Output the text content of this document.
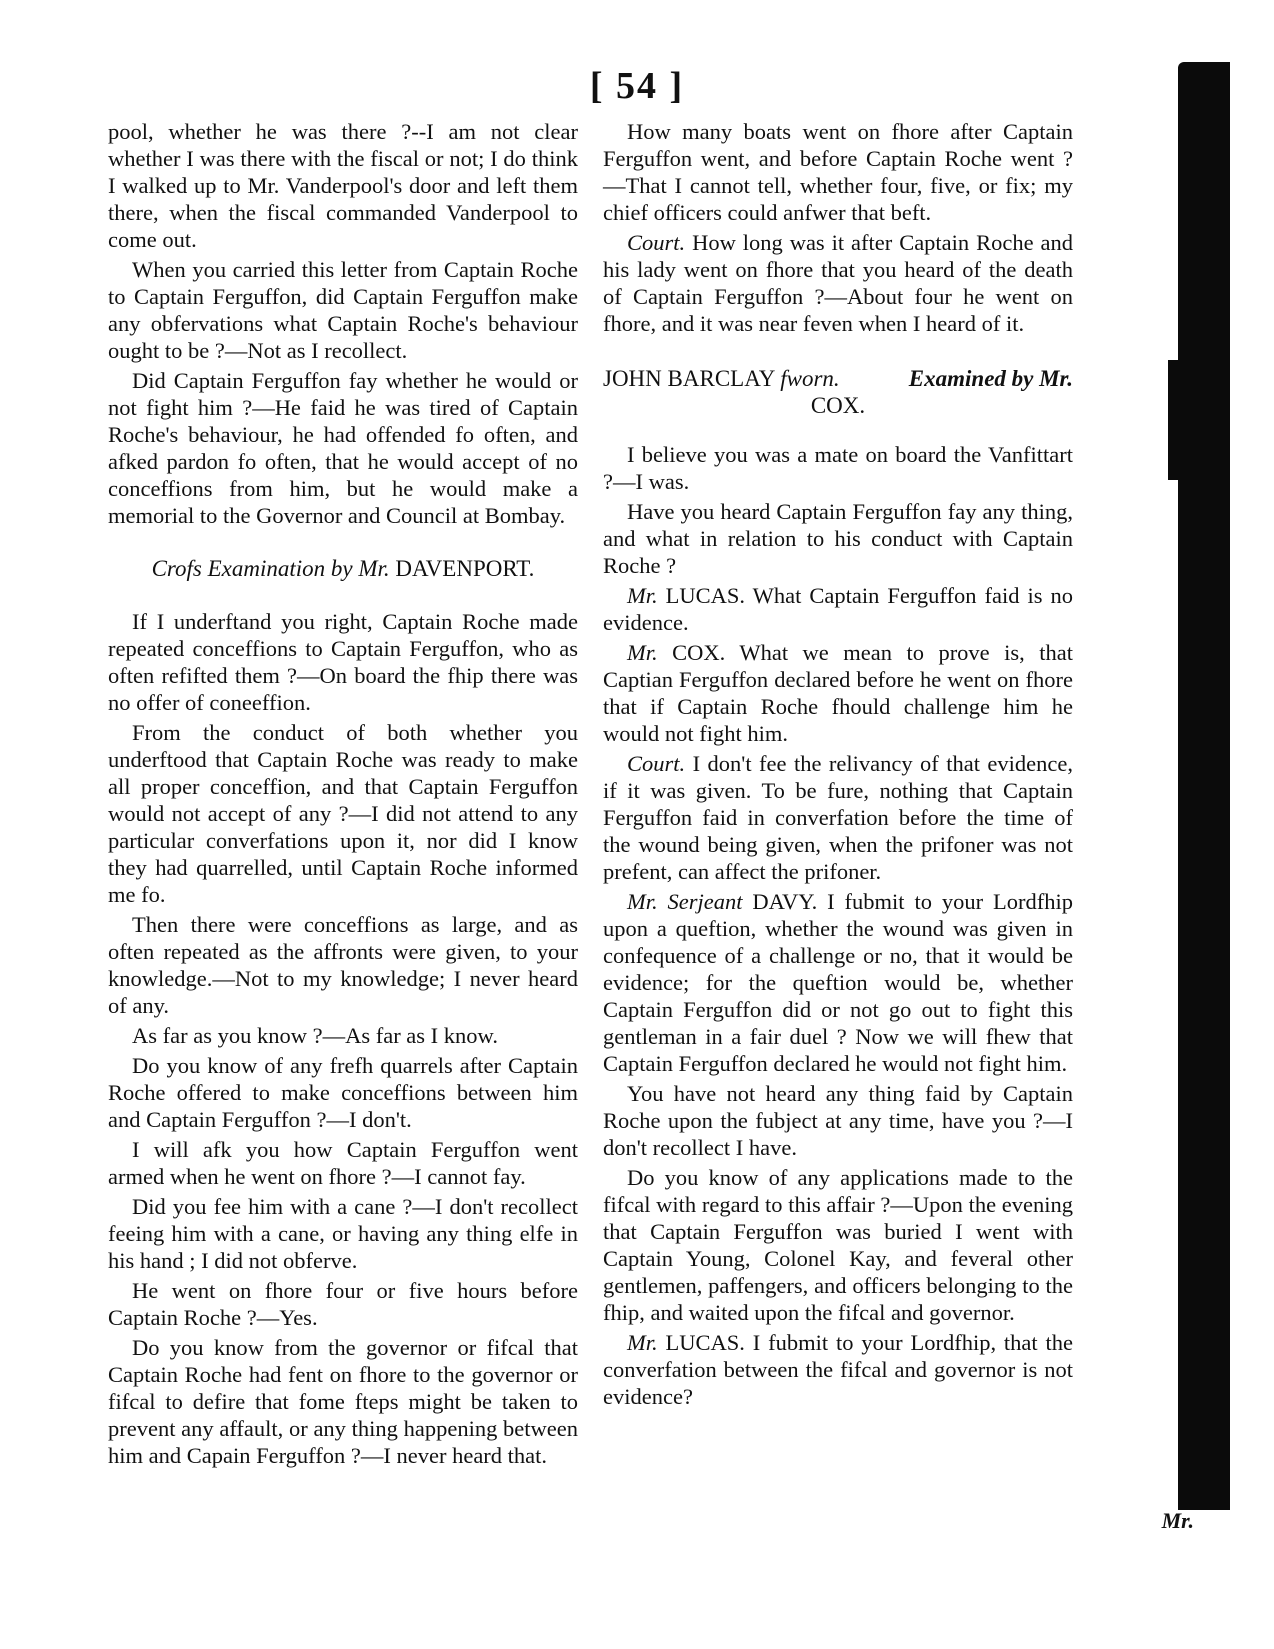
[ 54 ]

pool, whether he was there ?--I am not clear whether I was there with the fiscal or not; I do think I walked up to Mr. Vanderpool's door and left them there, when the fiscal commanded Vanderpool to come out.

When you carried this letter from Captain Roche to Captain Ferguffon, did Captain Ferguffon make any obfervations what Captain Roche's behaviour ought to be ?—Not as I recollect.

Did Captain Ferguffon fay whether he would or not fight him ?—He faid he was tired of Captain Roche's behaviour, he had offended fo often, and afked pardon fo often, that he would accept of no conceffions from him, but he would make a memorial to the Governor and Council at Bombay.

Crofs Examination by Mr. DAVENPORT.

If I underftand you right, Captain Roche made repeated conceffions to Captain Ferguffon, who as often refifted them ?—On board the fhip there was no offer of coneeffion.

From the conduct of both whether you underftood that Captain Roche was ready to make all proper conceffion, and that Captain Ferguffon would not accept of any ?—I did not attend to any particular converfations upon it, nor did I know they had quarrelled, until Captain Roche informed me fo.

Then there were conceffions as large, and as often repeated as the affronts were given, to your knowledge.—Not to my knowledge; I never heard of any.

As far as you know ?—As far as I know.

Do you know of any frefh quarrels after Captain Roche offered to make conceffions between him and Captain Ferguffon ?—I don't.

I will afk you how Captain Ferguffon went armed when he went on fhore ?—I cannot fay.

Did you fee him with a cane ?—I don't recollect feeing him with a cane, or having any thing elfe in his hand ; I did not obferve.

He went on fhore four or five hours before Captain Roche ?—Yes.

Do you know from the governor or fifcal that Captain Roche had fent on fhore to the governor or fifcal to defire that fome fteps might be taken to prevent any affault, or any thing happening between him and Capain Ferguffon ?—I never heard that.

How many boats went on fhore after Captain Ferguffon went, and before Captain Roche went ?—That I cannot tell, whether four, five, or fix; my chief officers could anfwer that beft.

Court. How long was it after Captain Roche and his lady went on fhore that you heard of the death of Captain Ferguffon ?—About four he went on fhore, and it was near feven when I heard of it.

JOHN BARCLAY fworn.	Examined by Mr.
COX.

I believe you was a mate on board the Vanfittart ?—I was.

Have you heard Captain Ferguffon fay any thing, and what in relation to his conduct with Captain Roche ?

Mr. LUCAS. What Captain Ferguffon faid is no evidence.

Mr. COX. What we mean to prove is, that Captian Ferguffon declared before he went on fhore that if Captain Roche fhould challenge him he would not fight him.

Court. I don't fee the relivancy of that evidence, if it was given. To be fure, nothing that Captain Ferguffon faid in converfation before the time of the wound being given, when the prifoner was not prefent, can affect the prifoner.

Mr. Serjeant DAVY. I fubmit to your Lordfhip upon a queftion, whether the wound was given in confequence of a challenge or no, that it would be evidence; for the queftion would be, whether Captain Ferguffon did or not go out to fight this gentleman in a fair duel ? Now we will fhew that Captain Ferguffon declared he would not fight him.

You have not heard any thing faid by Captain Roche upon the fubject at any time, have you ?—I don't recollect I have.

Do you know of any applications made to the fifcal with regard to this affair ?—Upon the evening that Captain Ferguffon was buried I went with Captain Young, Colonel Kay, and feveral other gentlemen, paffengers, and officers belonging to the fhip, and waited upon the fifcal and governor.

Mr. LUCAS. I fubmit to your Lordfhip, that the converfation between the fifcal and governor is not evidence?

Mr.
